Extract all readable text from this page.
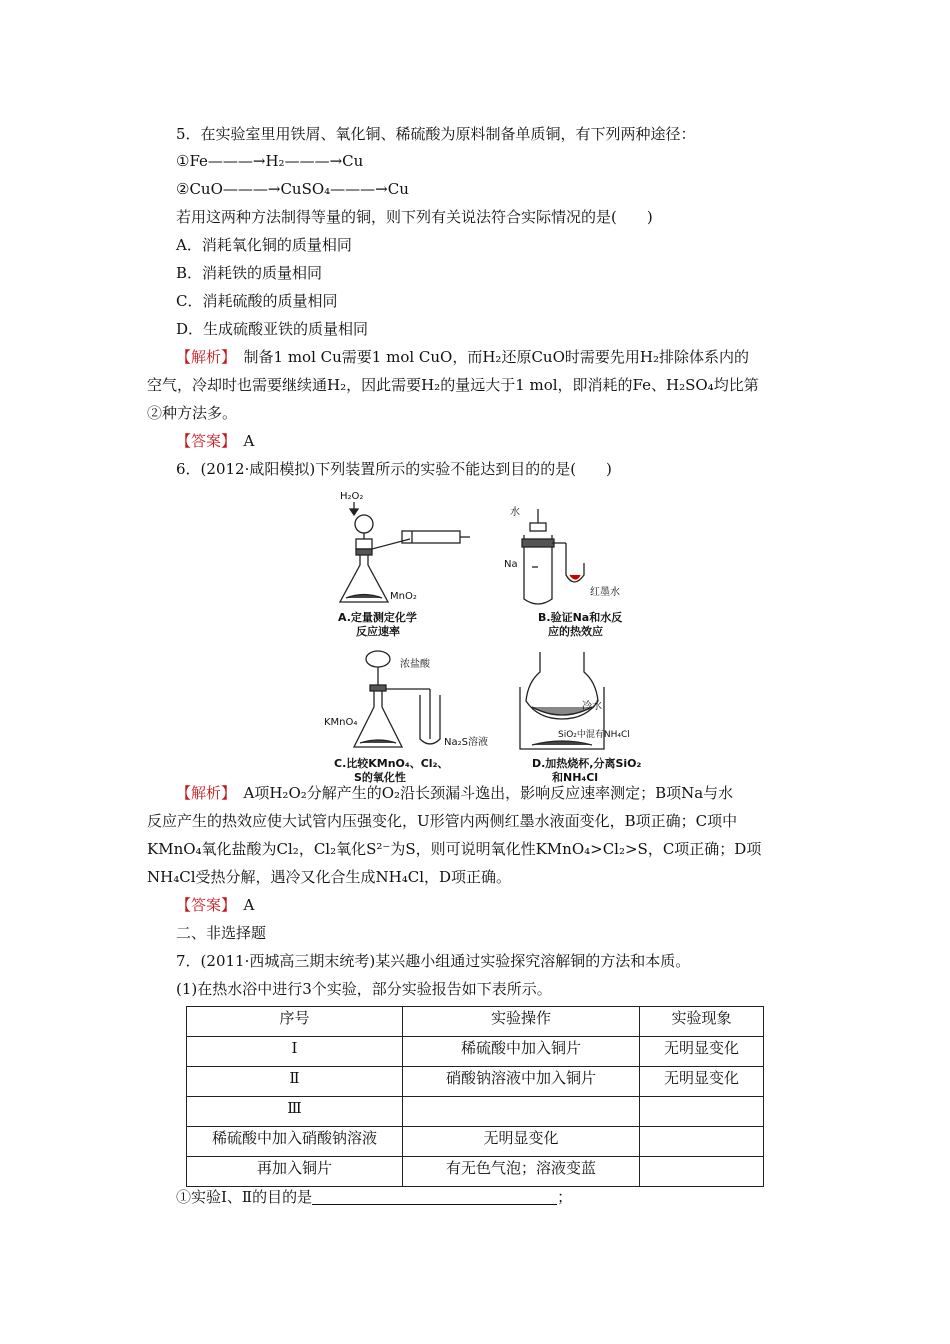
5．在实验室里用铁屑、氧化铜、稀硫酸为原料制备单质铜，有下列两种途径：
①Fe———→H₂———→Cu
②CuO———→CuSO₄———→Cu
若用这两种方法制得等量的铜，则下列有关说法符合实际情况的是(　　)
A．消耗氧化铜的质量相同
B．消耗铁的质量相同
C．消耗硫酸的质量相同
D．生成硫酸亚铁的质量相同
【解析】　制备1 mol Cu需要1 mol CuO，而H₂还原CuO时需要先用H₂排除体系内的
空气，冷却时也需要继续通H₂，因此需要H₂的量远大于1 mol，即消耗的Fe、H₂SO₄均比第
②种方法多。
【答案】　A
6．(2012·咸阳模拟)下列装置所示的实验不能达到目的的是(　　)
H₂O₂
MnO₂
A.定量测定化学
反应速率
水
Na
红墨水
B.验证Na和水反
应的热效应
浓盐酸
KMnO₄
Na₂S溶液
C.比较KMnO₄、Cl₂、
S的氧化性
冷水
SiO₂中混有NH₄Cl
D.加热烧杯,分离SiO₂
和NH₄Cl
【解析】　A项H₂O₂分解产生的O₂沿长颈漏斗逸出，影响反应速率测定；B项Na与水
反应产生的热效应使大试管内压强变化，U形管内两侧红墨水液面变化，B项正确；C项中
KMnO₄氧化盐酸为Cl₂，Cl₂氧化S²⁻为S，则可说明氧化性KMnO₄>Cl₂>S，C项正确；D项
NH₄Cl受热分解，遇冷又化合生成NH₄Cl，D项正确。
【答案】　A
二、非选择题
7．(2011·西城高三期末统考)某兴趣小组通过实验探究溶解铜的方法和本质。
(1)在热水浴中进行3个实验，部分实验报告如下表所示。
序号	实验操作	实验现象
Ⅰ	稀硫酸中加入铜片	无明显变化
Ⅱ	硝酸钠溶液中加入铜片	无明显变化
Ⅲ		
稀硫酸中加入硝酸钠溶液	无明显变化	
再加入铜片	有无色气泡；溶液变蓝	
①实验Ⅰ、Ⅱ的目的是	；
